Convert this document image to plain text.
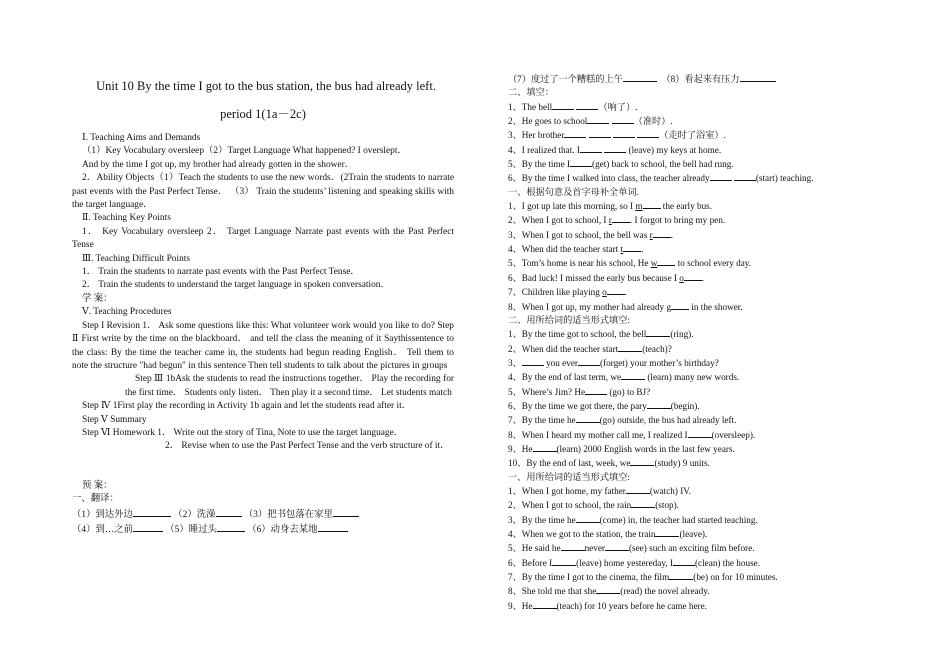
Unit 10 By the time I got to the bus station, the bus had already left.
period 1(1a－2c)
Ⅰ. Teaching Aims and Demands
（1）Key Vocabulary oversleep（2）Target Language What happened? I overslept．
And by the time I got up, my brother had already gotten in the shower．
2．Ability Objects（1）Teach the students to use the new words．(2Train the students to narrate past events with the Past Perfect Tense． （3） Train the students’ listening and speaking skills with the target language．
Ⅱ. Teaching Key Points
1． Key Vocabulary oversleep 2． Target Language Narrate past events with the Past Perfect Tense
Ⅲ. Teaching Difficult Points
1． Train the students to narrate past events with the Past Perfect Tense．
2． Train the students to understand the target language in spoken conversation．
学 案：
Ⅴ. Teaching Procedures
Step I Revision 1． Ask some questions like this: What volunteer work would you like to do? Step Ⅱ First write by the time on the blackboard． and tell the class the meaning of it Saythissentence to the class: By the time the teacher came in, the students had begun reading English． Tell them to note the structure "had begun" in this sentence Then tell students to talk about the pictures in groups
Step Ⅲ 1bAsk the students to read the instructions together． Play the recording for the first time． Students only listen． Then play it a second time． Let students match
Step Ⅳ 1First play the recording in Activity 1b again and let the students read after it．
Step Ⅴ Summary
Step Ⅵ Homework 1． Write out the story of Tina, Note to use the target language．
2． Revise when to use the Past Perfect Tense and the verb structure of it．
预 案：
一、翻译：
（1）到达外边	（2）洗澡	（3）把书包落在家里
（4）到…之前	（5）睡过头	（6）动身去某地
（7）度过了一个糟糕的上午	（8）看起来有压力
二、填空：
1、The bell	（响了）.
2、He goes to school	（准时）.
3、Her brother	（走时了浴室）.
4、I realized that. I	(leave) my keys at home.
5、By the time I (get) back to school, the bell had rung.
6、By the time I walked into class, the teacher already	(start) teaching.
一、根据句意及首字母补全单词.
1、I got up late this morning, so I m the early bus.
2、When I got to school, I r . I forgot to bring my pen.
3、When I got to school, the bell was r .
4、When did the teacher start t .
5、Tom’s home is near his school, He w to school every day.
6、Bad luck! I missed the early bus because I o .
7、Children like playing o .
8、When I got up, my mother had already g in the shower.
二、用所给词的适当形式填空:
1、By the time got to school, the bell	(ring).
2、When did the teacher start	(teach)?
3、 you ever (forget) your mother’s birthday?
4、By the end of last term, we	(learn) many new words.
5、Where’s Jim? He (go) to BJ?
6、By the time we got there, the pary	(begin).
7、By the time he	(go) outside, the bus had already left.
8、When I heard my mother call me, I realized I	(oversleep).
9、He	(learn) 2000 English words in the last few years.
10、By the end of last, week, we	(study) 9 units.
一、用所给词的适当形式填空:
1、When I got home, my father	(watch) IV.
2、When I got to school, the rain	(stop).
3、By the time he	(come) in, the teacher had started teaching.
4、When we got to the station, the train	(leave).
5、He said he	never	(see) such an exciting film before.
6、Before I	(leave) home yestereday, I (clean) the house.
7、By the time I got to the cinema, the film	(be) on for 10 minutes.
8、She told me that she	(read) the novel already.
9、He	(teach) for 10 years before he came here.
